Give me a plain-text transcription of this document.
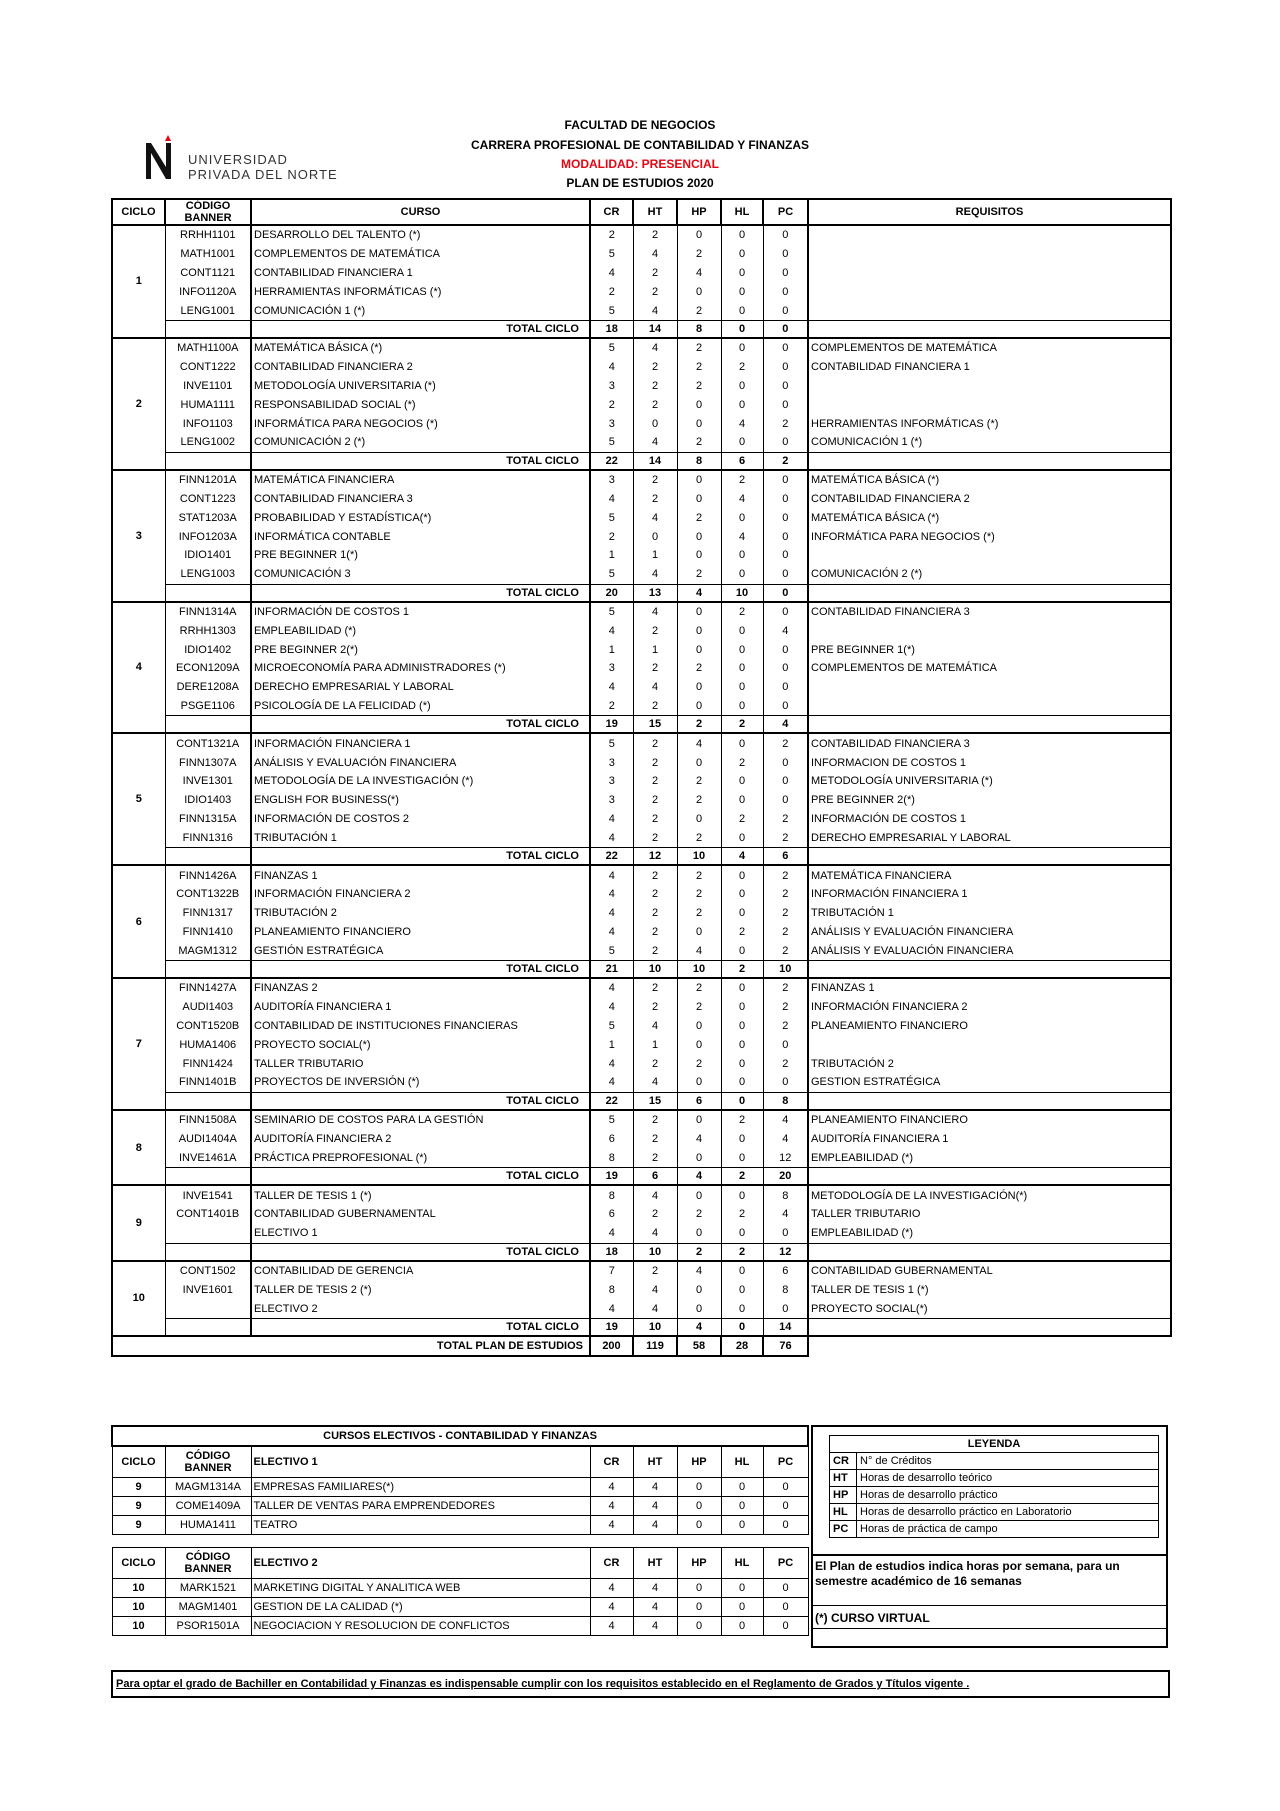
UNIVERSIDAD
PRIVADA DEL NORTE
FACULTAD DE NEGOCIOS
CARRERA PROFESIONAL DE CONTABILIDAD Y FINANZAS
MODALIDAD: PRESENCIAL
PLAN DE ESTUDIOS 2020
CICLO	CÓDIGO BANNER	CURSO	CR	HT	HP	HL	PC	REQUISITOS
1	RRHH1101	DESARROLLO DEL TALENTO (*)	2	2	0	0	0	
	MATH1001	COMPLEMENTOS DE MATEMÁTICA	5	4	2	0	0	
	CONT1121	CONTABILIDAD FINANCIERA 1	4	2	4	0	0	
	INFO1120A	HERRAMIENTAS INFORMÁTICAS (*)	2	2	0	0	0	
	LENG1001	COMUNICACIÓN 1 (*)	5	4	2	0	0	
		TOTAL CICLO	18	14	8	0	0	
2	MATH1100A	MATEMÁTICA BÁSICA (*)	5	4	2	0	0	COMPLEMENTOS DE MATEMÁTICA
	CONT1222	CONTABILIDAD FINANCIERA 2	4	2	2	2	0	CONTABILIDAD FINANCIERA 1
	INVE1101	METODOLOGÍA UNIVERSITARIA (*)	3	2	2	0	0	
	HUMA1111	RESPONSABILIDAD SOCIAL (*)	2	2	0	0	0	
	INFO1103	INFORMÁTICA PARA NEGOCIOS (*)	3	0	0	4	2	HERRAMIENTAS INFORMÁTICAS (*)
	LENG1002	COMUNICACIÓN 2 (*)	5	4	2	0	0	COMUNICACIÓN 1 (*)
		TOTAL CICLO	22	14	8	6	2	
3	FINN1201A	MATEMÁTICA FINANCIERA	3	2	0	2	0	MATEMÁTICA BÁSICA (*)
	CONT1223	CONTABILIDAD FINANCIERA 3	4	2	0	4	0	CONTABILIDAD FINANCIERA 2
	STAT1203A	PROBABILIDAD Y ESTADÍSTICA(*)	5	4	2	0	0	MATEMÁTICA BÁSICA (*)
	INFO1203A	INFORMÁTICA CONTABLE	2	0	0	4	0	INFORMÁTICA PARA NEGOCIOS (*)
	IDIO1401	PRE BEGINNER 1(*)	1	1	0	0	0	
	LENG1003	COMUNICACIÓN 3	5	4	2	0	0	COMUNICACIÓN 2 (*)
		TOTAL CICLO	20	13	4	10	0	
4	FINN1314A	INFORMACIÓN DE COSTOS 1	5	4	0	2	0	CONTABILIDAD FINANCIERA 3
	RRHH1303	EMPLEABILIDAD (*)	4	2	0	0	4	
	IDIO1402	PRE BEGINNER 2(*)	1	1	0	0	0	PRE BEGINNER 1(*)
	ECON1209A	MICROECONOMÍA PARA ADMINISTRADORES (*)	3	2	2	0	0	COMPLEMENTOS DE MATEMÁTICA
	DERE1208A	DERECHO EMPRESARIAL Y LABORAL	4	4	0	0	0	
	PSGE1106	PSICOLOGÍA DE LA FELICIDAD (*)	2	2	0	0	0	
		TOTAL CICLO	19	15	2	2	4	
5	CONT1321A	INFORMACIÓN FINANCIERA 1	5	2	4	0	2	CONTABILIDAD FINANCIERA 3
	FINN1307A	ANÁLISIS Y EVALUACIÓN FINANCIERA	3	2	0	2	0	INFORMACION DE COSTOS 1
	INVE1301	METODOLOGÍA DE LA INVESTIGACIÓN (*)	3	2	2	0	0	METODOLOGÍA UNIVERSITARIA (*)
	IDIO1403	ENGLISH FOR BUSINESS(*)	3	2	2	0	0	PRE BEGINNER 2(*)
	FINN1315A	INFORMACIÓN DE COSTOS 2	4	2	0	2	2	INFORMACIÓN DE COSTOS 1
	FINN1316	TRIBUTACIÓN 1	4	2	2	0	2	DERECHO EMPRESARIAL Y LABORAL
		TOTAL CICLO	22	12	10	4	6	
6	FINN1426A	FINANZAS 1	4	2	2	0	2	MATEMÁTICA FINANCIERA
	CONT1322B	INFORMACIÓN FINANCIERA 2	4	2	2	0	2	INFORMACIÓN FINANCIERA 1
	FINN1317	TRIBUTACIÓN 2	4	2	2	0	2	TRIBUTACIÓN 1
	FINN1410	PLANEAMIENTO FINANCIERO	4	2	0	2	2	ANÁLISIS Y EVALUACIÓN FINANCIERA
	MAGM1312	GESTIÓN ESTRATÉGICA	5	2	4	0	2	ANÁLISIS Y EVALUACIÓN FINANCIERA
		TOTAL CICLO	21	10	10	2	10	
7	FINN1427A	FINANZAS 2	4	2	2	0	2	FINANZAS 1
	AUDI1403	AUDITORÍA FINANCIERA 1	4	2	2	0	2	INFORMACIÓN FINANCIERA 2
	CONT1520B	CONTABILIDAD DE INSTITUCIONES FINANCIERAS	5	4	0	0	2	PLANEAMIENTO FINANCIERO
	HUMA1406	PROYECTO SOCIAL(*)	1	1	0	0	0	
	FINN1424	TALLER TRIBUTARIO	4	2	2	0	2	TRIBUTACIÓN 2
	FINN1401B	PROYECTOS DE INVERSIÓN (*)	4	4	0	0	0	GESTION ESTRATÉGICA
		TOTAL CICLO	22	15	6	0	8	
8	FINN1508A	SEMINARIO DE COSTOS PARA LA GESTIÓN	5	2	0	2	4	PLANEAMIENTO FINANCIERO
	AUDI1404A	AUDITORÍA FINANCIERA 2	6	2	4	0	4	AUDITORÍA FINANCIERA 1
	INVE1461A	PRÁCTICA PREPROFESIONAL (*)	8	2	0	0	12	EMPLEABILIDAD (*)
		TOTAL CICLO	19	6	4	2	20	
9	INVE1541	TALLER DE TESIS 1 (*)	8	4	0	0	8	METODOLOGÍA DE LA INVESTIGACIÓN(*)
	CONT1401B	CONTABILIDAD GUBERNAMENTAL	6	2	2	2	4	TALLER TRIBUTARIO
		ELECTIVO 1	4	4	0	0	0	EMPLEABILIDAD (*)
		TOTAL CICLO	18	10	2	2	12	
10	CONT1502	CONTABILIDAD DE GERENCIA	7	2	4	0	6	CONTABILIDAD GUBERNAMENTAL
	INVE1601	TALLER DE TESIS 2 (*)	8	4	0	0	8	TALLER DE TESIS 1 (*)
		ELECTIVO 2	4	4	0	0	0	PROYECTO SOCIAL(*)
		TOTAL CICLO	19	10	4	0	14	
TOTAL PLAN DE ESTUDIOS			200	119	58	28	76	
CURSOS ELECTIVOS - CONTABILIDAD Y FINANZAS							
CICLO	CÓDIGO BANNER	ELECTIVO 1	CR	HT	HP	HL	PC
9	MAGM1314A	EMPRESAS FAMILIARES(*)	4	4	0	0	0
9	COME1409A	TALLER DE VENTAS PARA EMPRENDEDORES	4	4	0	0	0
9	HUMA1411	TEATRO	4	4	0	0	0

CICLO	CÓDIGO BANNER	ELECTIVO 2	CR	HT	HP	HL	PC
10	MARK1521	MARKETING DIGITAL Y ANALITICA WEB	4	4	0	0	0
10	MAGM1401	GESTION DE LA CALIDAD (*)	4	4	0	0	0
10	PSOR1501A	NEGOCIACION Y RESOLUCION DE CONFLICTOS	4	4	0	0	0
LEYENDA	
CR	N° de Créditos
HT	Horas de desarrollo teórico
HP	Horas de desarrollo práctico
HL	Horas de desarrollo práctico en Laboratorio
PC	Horas de práctica de campo
El Plan de estudios indica horas por semana, para un semestre académico de 16 semanas
(*) CURSO VIRTUAL
Para optar el grado de Bachiller en Contabilidad y Finanzas es indispensable cumplir con los requisitos establecido en el Reglamento de Grados y Títulos vigente .
